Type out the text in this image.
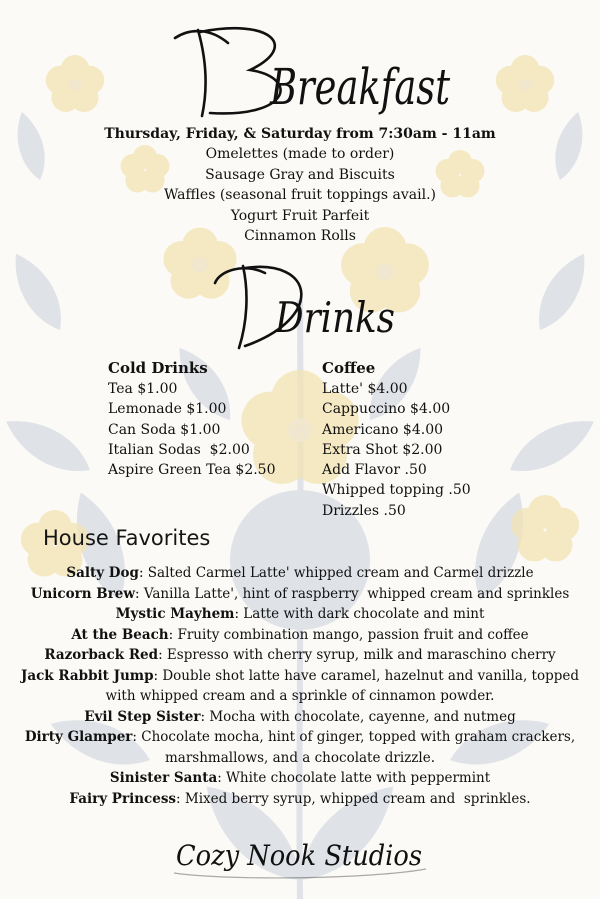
Breakfast

Thursday, Friday, & Saturday from 7:30am - 11am

Omelettes (made to order)

Sausage Gray and Biscuits

Waffles (seasonal fruit toppings avail.)

Yogurt Fruit Parfeit

Cinnamon Rolls

Drinks
Cold Drinks
Tea $1.00
Lemonade $1.00
Can Soda $1.00
Italian Sodas  $2.00
Aspire Green Tea $2.50
Coffee
Latte' $4.00
Cappuccino $4.00
Americano $4.00
Extra Shot $2.00
Add Flavor .50
Whipped topping .50
Drizzles .50
House Favorites

Salty Dog: Salted Carmel Latte' whipped cream and Carmel drizzle

Unicorn Brew: Vanilla Latte', hint of raspberry  whipped cream and sprinkles

Mystic Mayhem: Latte with dark chocolate and mint

At the Beach: Fruity combination mango, passion fruit and coffee

Razorback Red: Espresso with cherry syrup, milk and maraschino cherry

Jack Rabbit Jump: Double shot latte have caramel, hazelnut and vanilla, topped with whipped cream and a sprinkle of cinnamon powder.

Evil Step Sister: Mocha with chocolate, cayenne, and nutmeg

Dirty Glamper: Chocolate mocha, hint of ginger, topped with graham crackers, marshmallows, and a chocolate drizzle.

Sinister Santa: White chocolate latte with peppermint

Fairy Princess: Mixed berry syrup, whipped cream and  sprinkles.

Cozy Nook Studios
